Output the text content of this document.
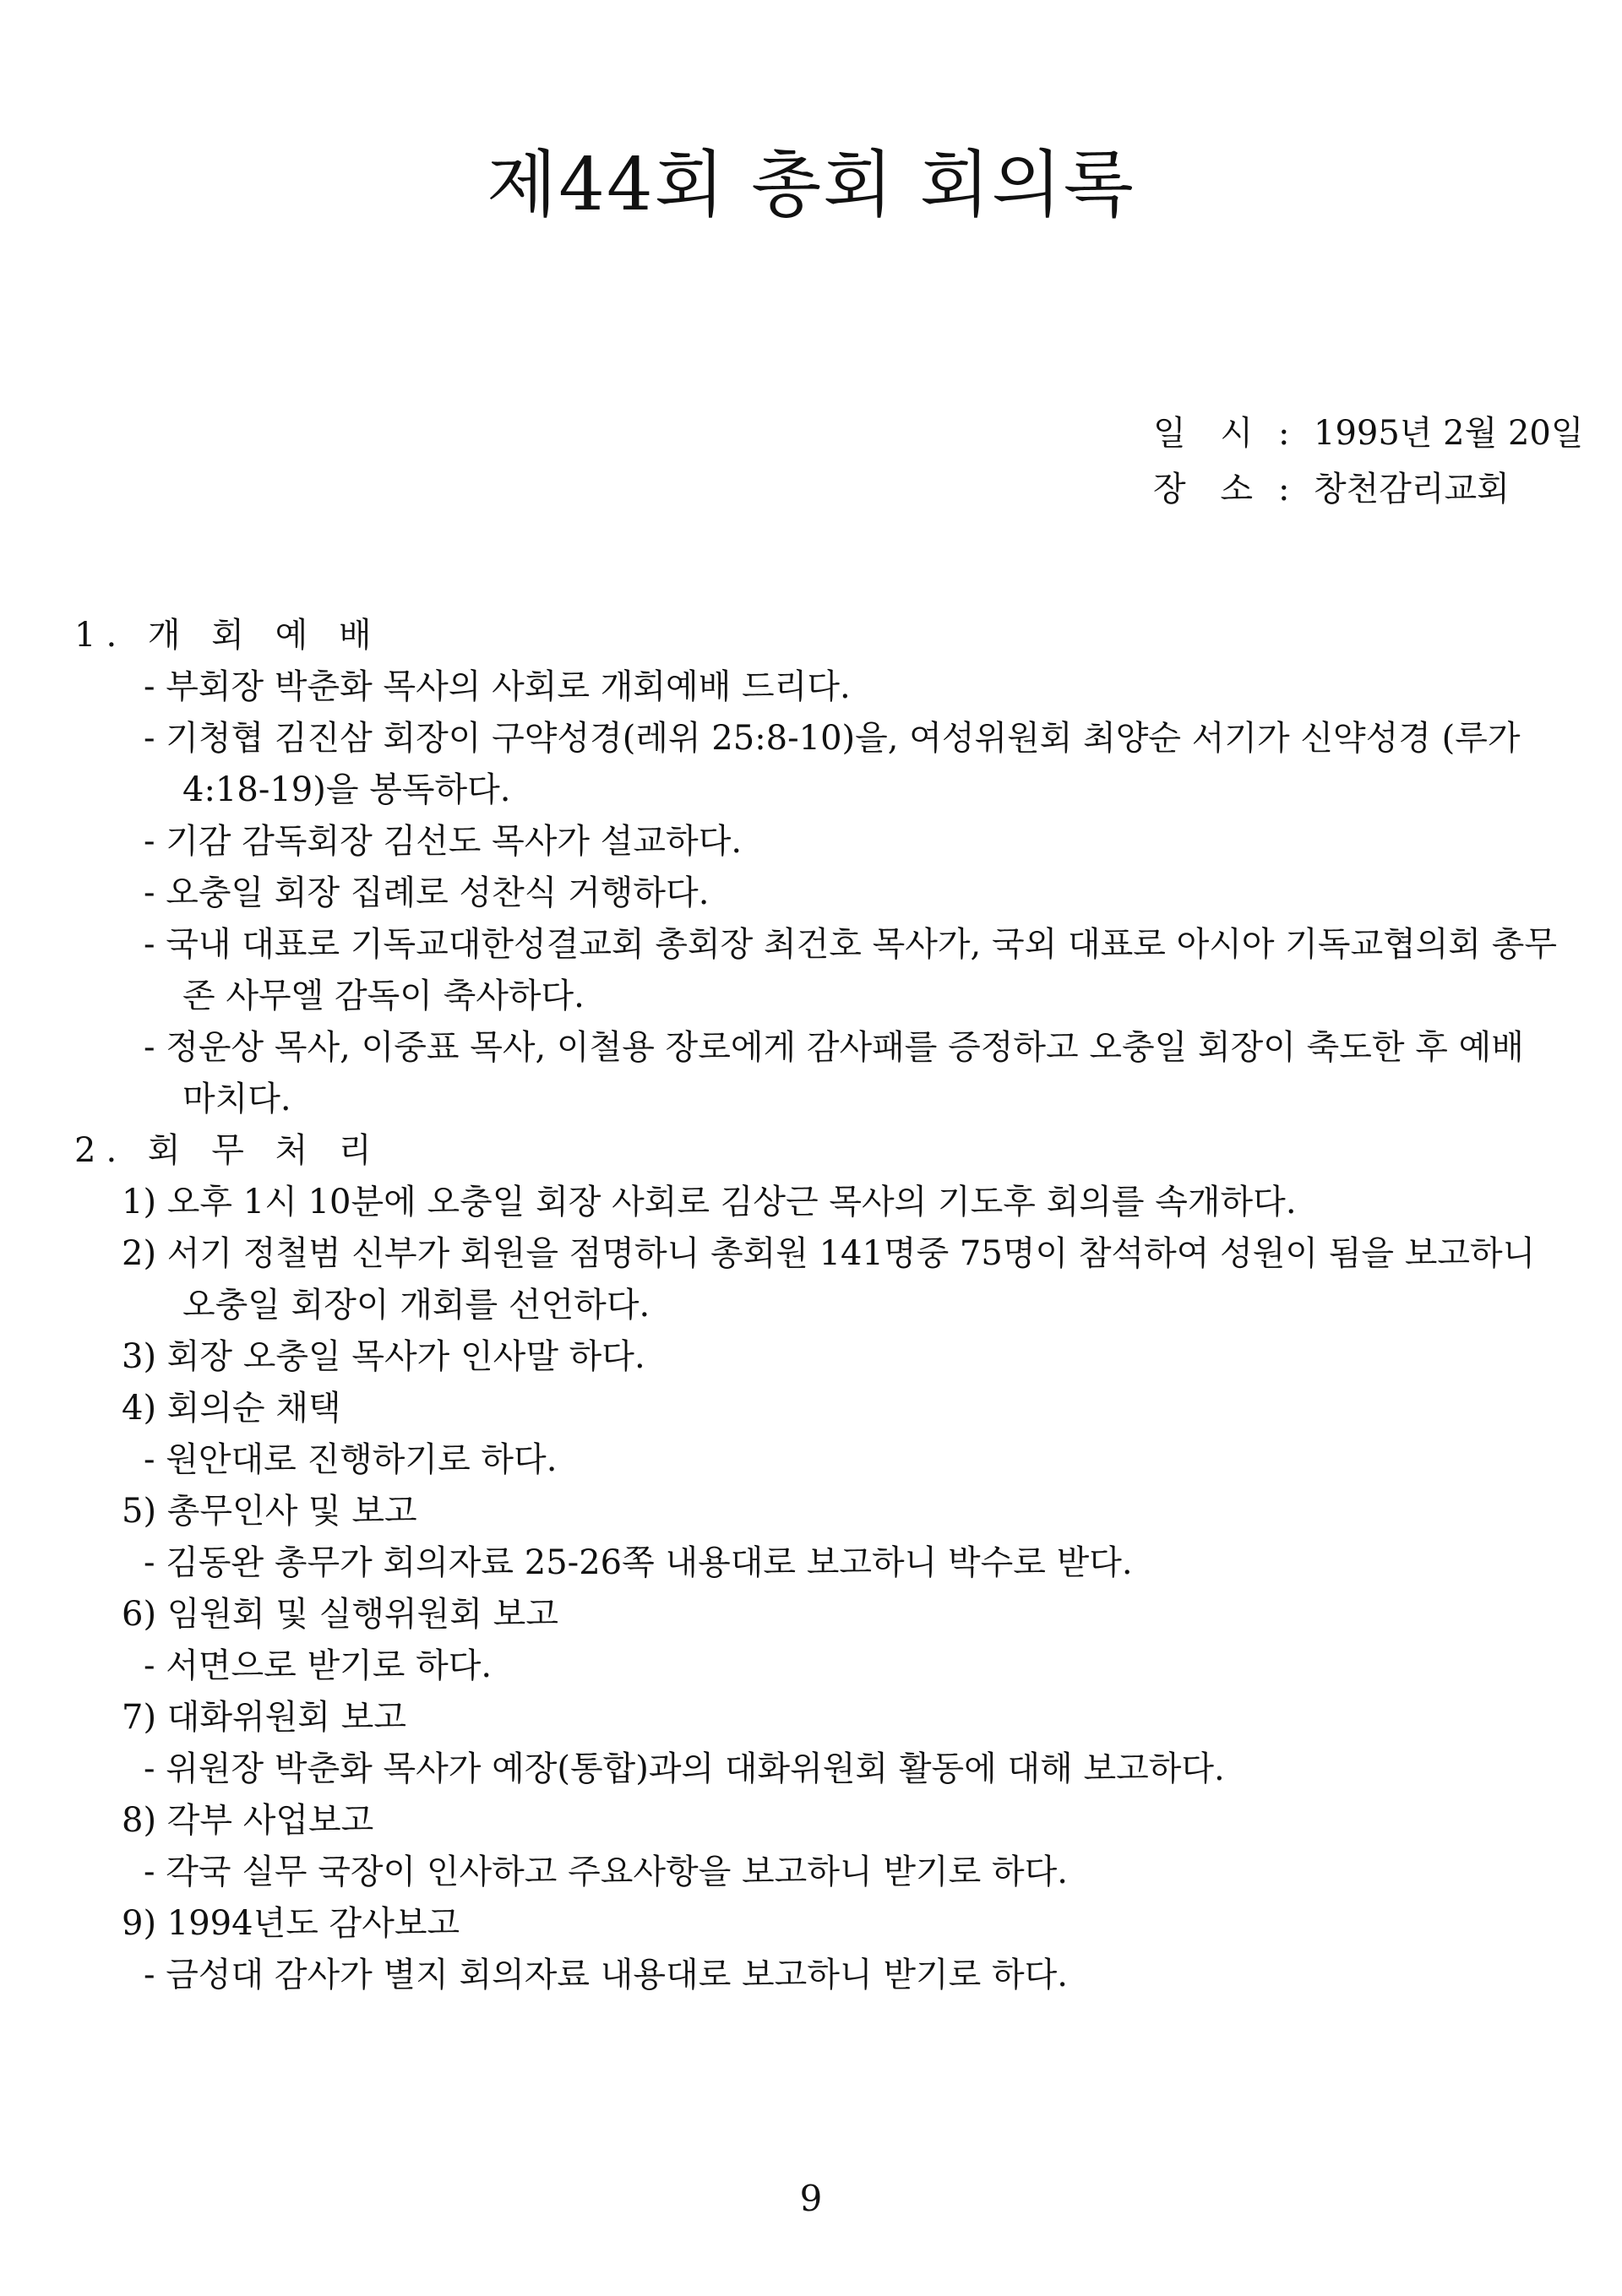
제44회 총회 회의록
일 시 : 1995년 2월 20일
장 소 : 창천감리교회
1. 개 회 예 배
- 부회장 박춘화 목사의 사회로 개회예배 드리다.
- 기청협 김진삼 회장이 구약성경(레위 25:8-10)을, 여성위원회 최양순 서기가 신약성경 (루가 4:18-19)을 봉독하다.
- 기감 감독회장 김선도 목사가 설교하다.
- 오충일 회장 집례로 성찬식 거행하다.
- 국내 대표로 기독교대한성결교회 총회장 최건호 목사가, 국외 대표로 아시아 기독교협의회 총무 존 사무엘 감독이 축사하다.
- 정운상 목사, 이중표 목사, 이철용 장로에게 감사패를 증정하고 오충일 회장이 축도한 후 예배 마치다.
2. 회 무 처 리
1) 오후 1시 10분에 오충일 회장 사회로 김상근 목사의 기도후 회의를 속개하다.
2) 서기 정철범 신부가 회원을 점명하니 총회원 141명중 75명이 참석하여 성원이 됨을 보고하니 오충일 회장이 개회를 선언하다.
3) 회장 오충일 목사가 인사말 하다.
4) 회의순 채택
- 원안대로 진행하기로 하다.
5) 총무인사 및 보고
- 김동완 총무가 회의자료 25-26쪽 내용대로 보고하니 박수로 받다.
6) 임원회 및 실행위원회 보고
- 서면으로 받기로 하다.
7) 대화위원회 보고
- 위원장 박춘화 목사가 예장(통합)과의 대화위원회 활동에 대해 보고하다.
8) 각부 사업보고
- 각국 실무 국장이 인사하고 주요사항을 보고하니 받기로 하다.
9) 1994년도 감사보고
- 금성대 감사가 별지 회의자료 내용대로 보고하니 받기로 하다.
9
